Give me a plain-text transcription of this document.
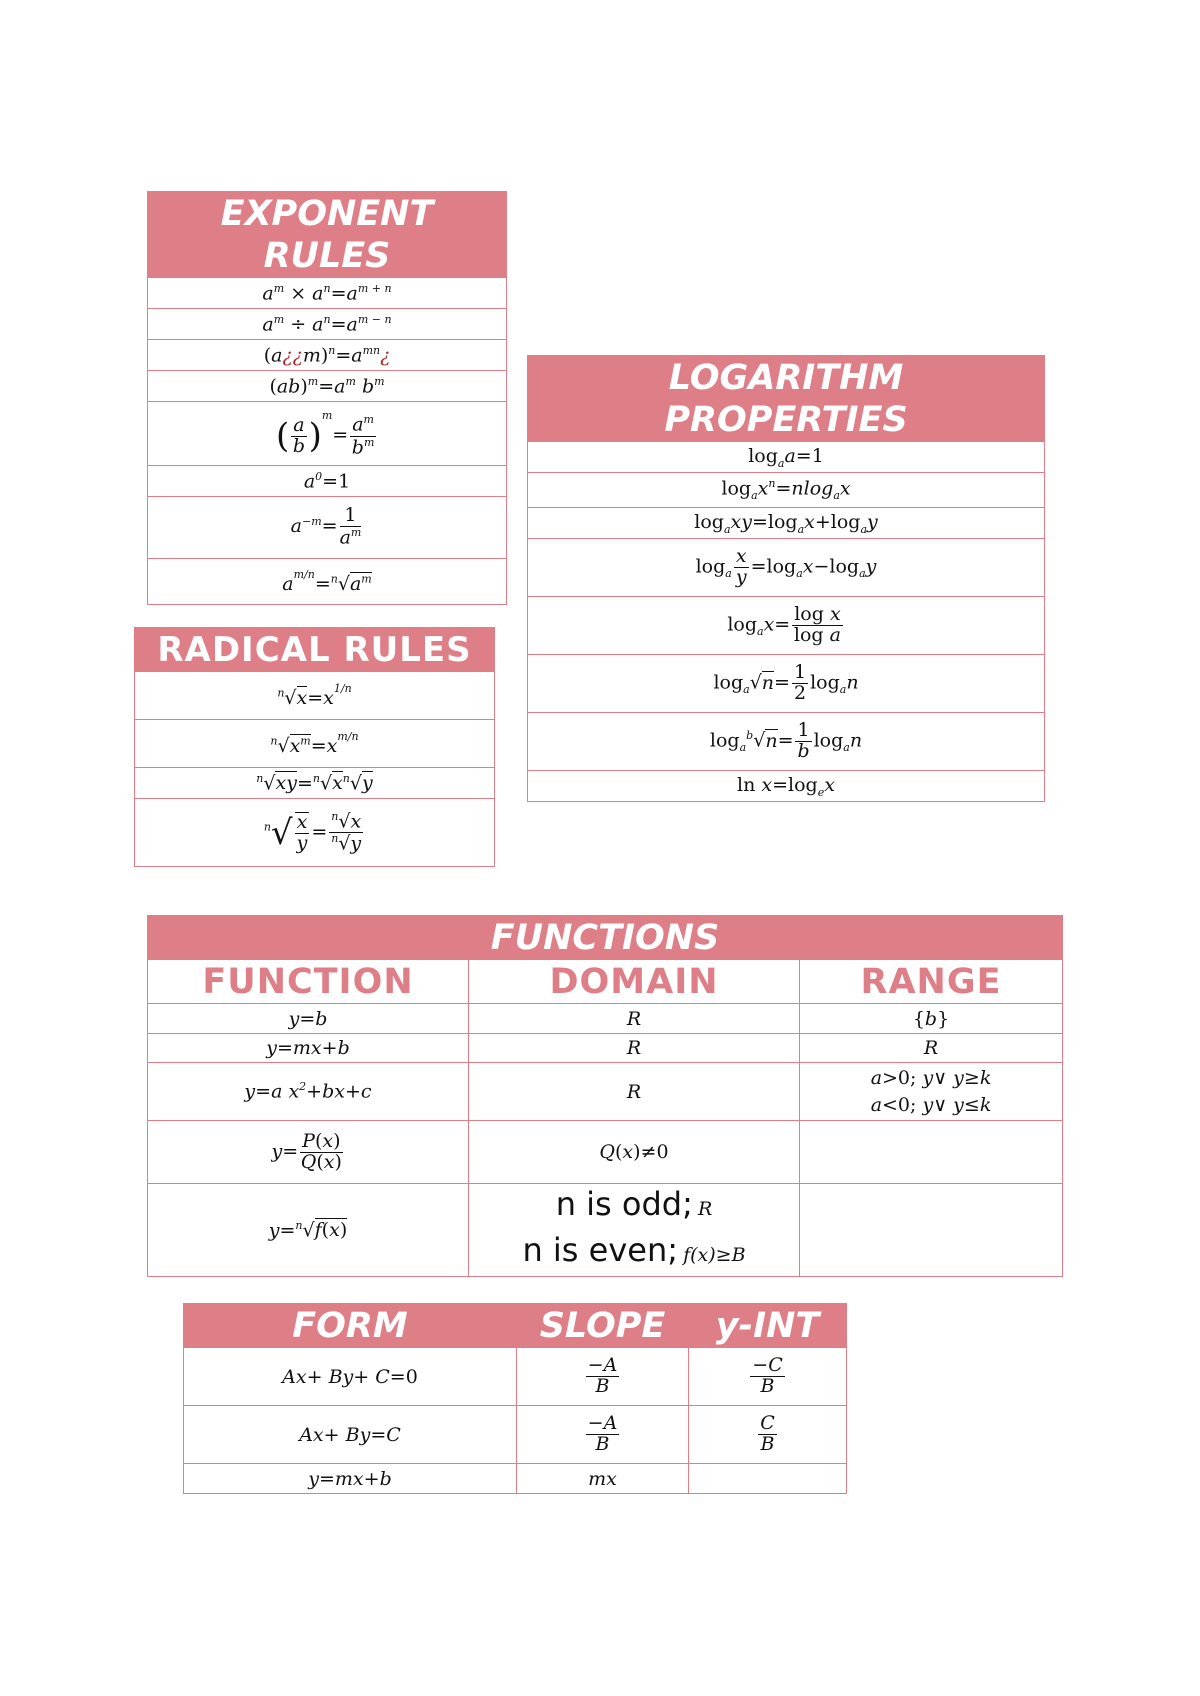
EXPONENT
RULES
$a^m \times a^n=a^{m + n}$
$a^m \div a^n=a^{m - n}$
$(a¿¿m)^n=a^{mn}¿$
$(ab)^m=a^m$ $b^m$
( $\frac{a}{b} )^m= \frac{a^m}{b^m}$

$a^0=1$
$a^{-m}= \frac{1}{a^m}$

$a^{m/n}=^n√a^m$
RADICAL RULES
$^n√x=x^{1/n}$
$^n√x^m=x^{m/n}$
$^n√xy=^n√x^n√y$
$^n√ \frac{x}{y} = \frac{^n√x}{^n√y}$
LOGARITHM
PROPERTIES
$\log_aa=1$
$\log_ax^n=nlog_ax$
$\log_axy=\log_ax+\log_ay$
$\log_a \frac{x}{y} =\log_ax-\log_ay$
$\log_ax= \frac{\text{log x}}{\text{log a}}$

$\log_a√n= \frac{1}{2} \log_an$
$\log_a^b√n= \frac{1}{b} \log_an$
$\ln x=\log_ex$
FUNCTIONS		
FUNCTION	DOMAIN	RANGE
y=b	R	{b}
y=mx+b	R	R
y=a $x^2+bx+c$	R	a>0; y∨ y≥k
a<0; y∨ y≤k
$y= \frac{P(x)}{Q(x)}$	Q(x)≠0	
y=$^n$√f(x)	n is odd; R
n is even; f(x)≥B	
FORM	SLOPE	y-INT
Ax+ By+ C=0	$\frac{-A}{B}$	$\frac{-C}{B}$

Ax+ By=C	$\frac{-A}{B}$	$\frac{C}{B}$

y=mx+b	mx	
